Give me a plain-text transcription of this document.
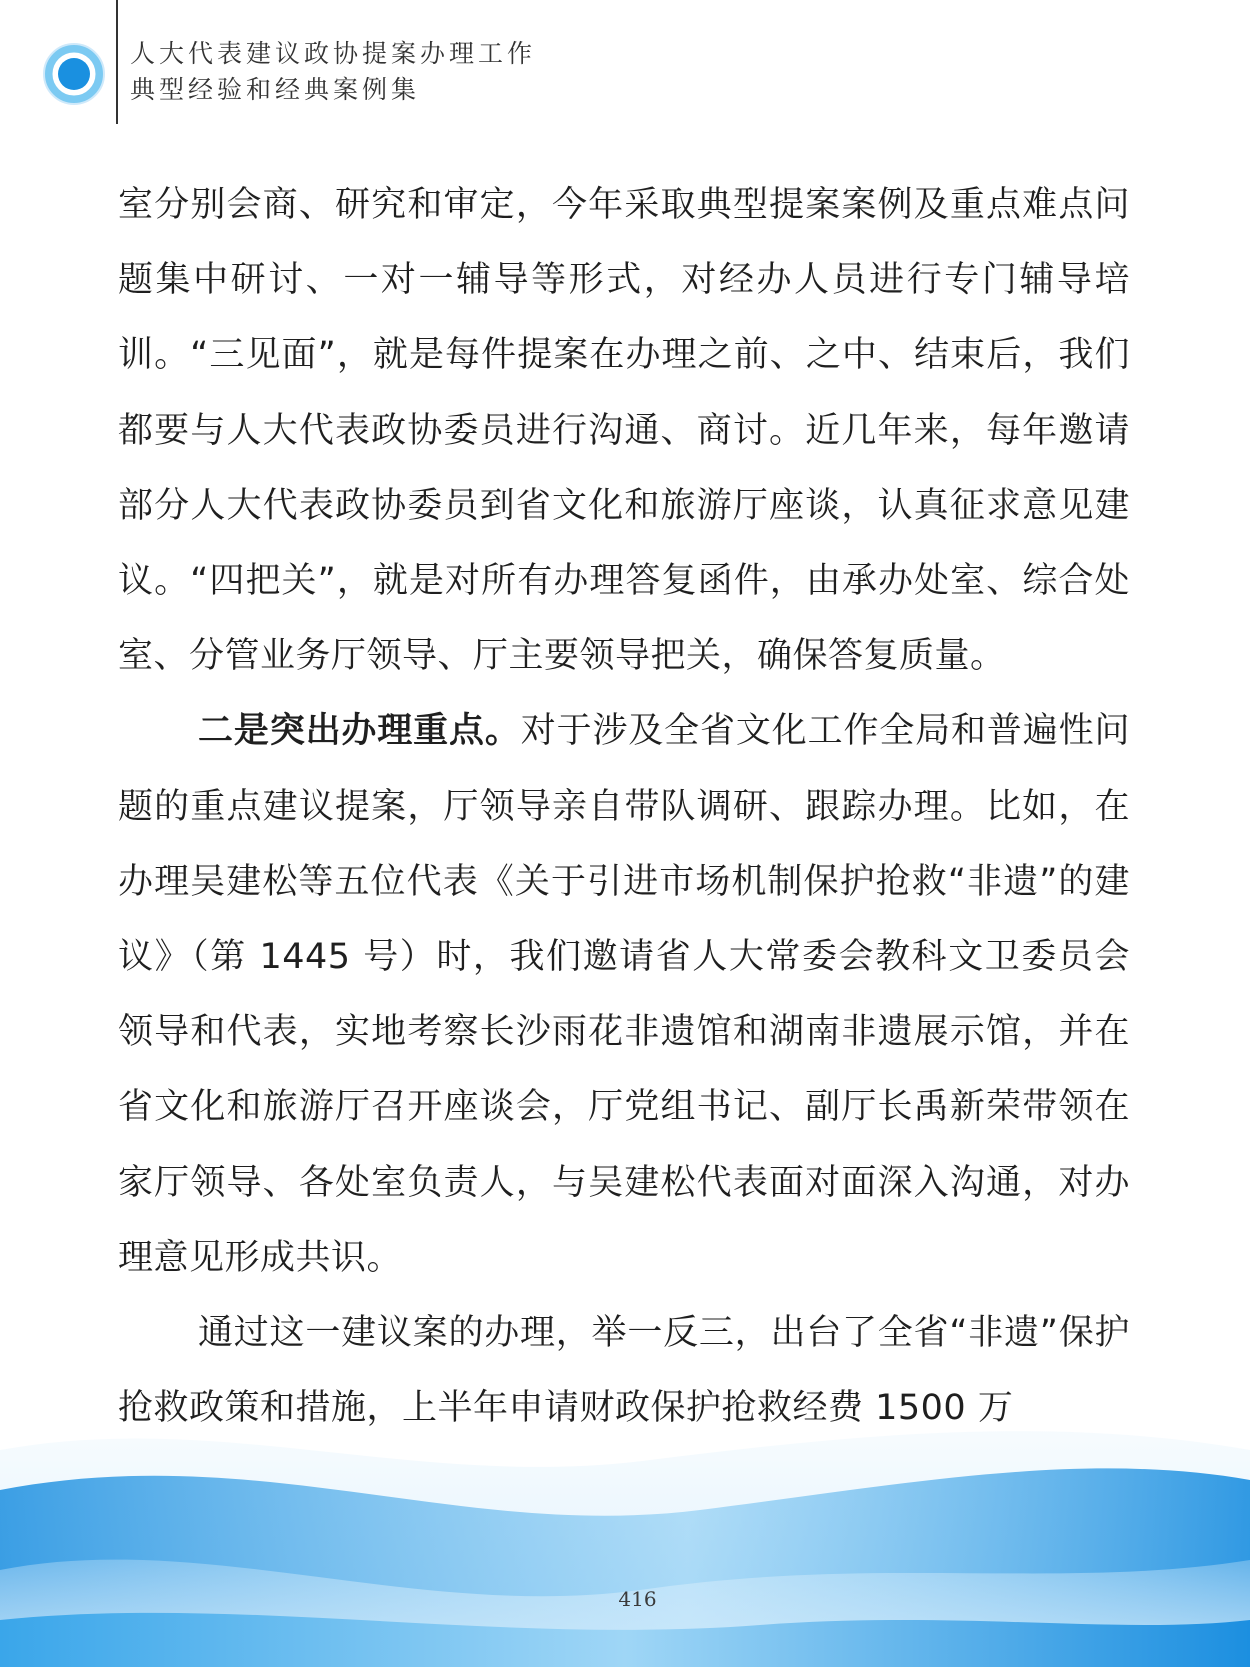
人大代表建议政协提案办理工作
典型经验和经典案例集

室分别会商、研究和审定，今年采取典型提案案例及重点难点问题集中研讨、一对一辅导等形式，对经办人员进行专门辅导培训。“三见面”，就是每件提案在办理之前、之中、结束后，我们都要与人大代表政协委员进行沟通、商讨。近几年来，每年邀请部分人大代表政协委员到省文化和旅游厅座谈，认真征求意见建议。“四把关”，就是对所有办理答复函件，由承办处室、综合处室、分管业务厅领导、厅主要领导把关，确保答复质量。

二是突出办理重点。对于涉及全省文化工作全局和普遍性问题的重点建议提案，厅领导亲自带队调研、跟踪办理。比如，在办理吴建松等五位代表《关于引进市场机制保护抢救“非遗”的建议》（第 1445 号）时，我们邀请省人大常委会教科文卫委员会领导和代表，实地考察长沙雨花非遗馆和湖南非遗展示馆，并在省文化和旅游厅召开座谈会，厅党组书记、副厅长禹新荣带领在家厅领导、各处室负责人，与吴建松代表面对面深入沟通，对办理意见形成共识。

通过这一建议案的办理，举一反三，出台了全省“非遗”保护抢救政策和措施，上半年申请财政保护抢救经费 1500 万

416
